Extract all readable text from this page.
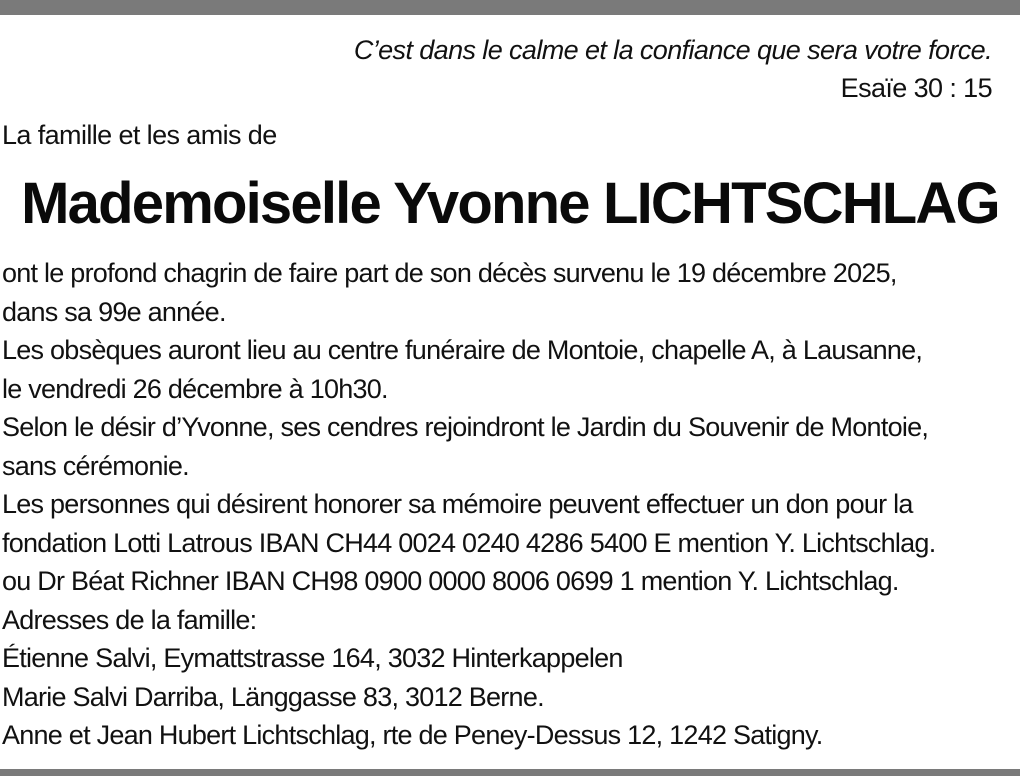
C’est dans le calme et la confiance que sera votre force.
Esaïe 30 : 15
La famille et les amis de
Mademoiselle Yvonne LICHTSCHLAG
ont le profond chagrin de faire part de son décès survenu le 19 décembre 2025,
dans sa 99e année.
Les obsèques auront lieu au centre funéraire de Montoie, chapelle A, à Lausanne,
le vendredi 26 décembre à 10h30.
Selon le désir d’Yvonne, ses cendres rejoindront le Jardin du Souvenir de Montoie,
sans cérémonie.
Les personnes qui désirent honorer sa mémoire peuvent effectuer un don pour la
fondation Lotti Latrous IBAN CH44 0024 0240 4286 5400 E mention Y. Lichtschlag.
ou Dr Béat Richner IBAN CH98 0900 0000 8006 0699 1 mention Y. Lichtschlag.
Adresses de la famille:
Étienne Salvi, Eymattstrasse 164, 3032 Hinterkappelen
Marie Salvi Darriba, Länggasse 83, 3012 Berne.
Anne et Jean Hubert Lichtschlag, rte de Peney-Dessus 12, 1242 Satigny.
